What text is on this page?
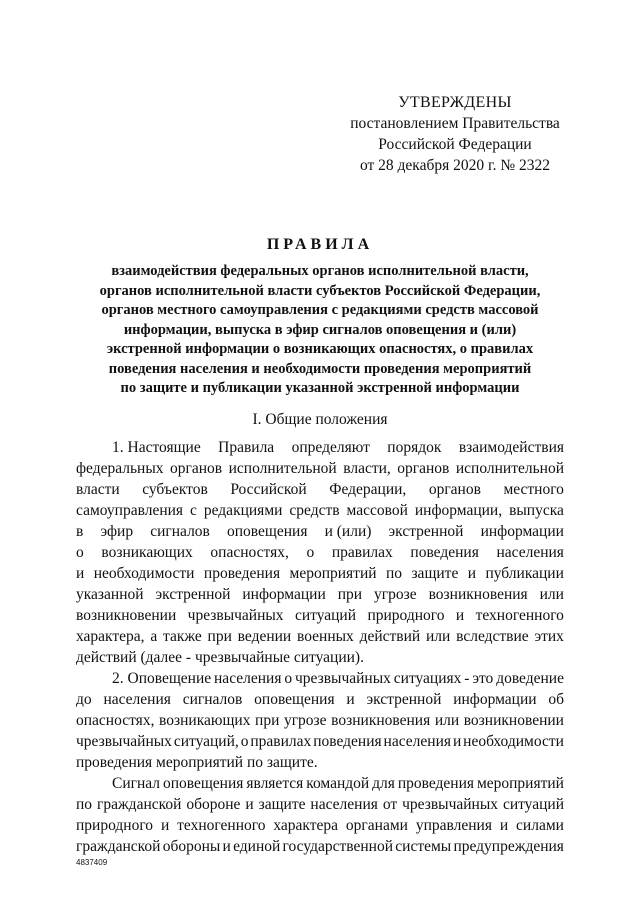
УТВЕРЖДЕНЫ
постановлением Правительства
Российской Федерации
от 28 декабря 2020 г. № 2322
ПРАВИЛА
взаимодействия федеральных органов исполнительной власти,
органов исполнительной власти субъектов Российской Федерации,
органов местного самоуправления с редакциями средств массовой
информации, выпуска в эфир сигналов оповещения и (или)
экстренной информации о возникающих опасностях, о правилах
поведения населения и необходимости проведения мероприятий
по защите и публикации указанной экстренной информации
I. Общие положения
1. Настоящие Правила определяют порядок взаимодействия
федеральных органов исполнительной власти, органов исполнительной
власти субъектов Российской Федерации, органов местного
самоуправления с редакциями средств массовой информации, выпуска
в эфир сигналов оповещения и (или) экстренной информации
о возникающих опасностях, о правилах поведения населения
и необходимости проведения мероприятий по защите и публикации
указанной экстренной информации при угрозе возникновения или
возникновении чрезвычайных ситуаций природного и техногенного
характера, а также при ведении военных действий или вследствие этих
действий (далее - чрезвычайные ситуации).
2. Оповещение населения о чрезвычайных ситуациях - это доведение
до населения сигналов оповещения и экстренной информации об
опасностях, возникающих при угрозе возникновения или возникновении
чрезвычайных ситуаций, о правилах поведения населения и необходимости
проведения мероприятий по защите.
Сигнал оповещения является командой для проведения мероприятий
по гражданской обороне и защите населения от чрезвычайных ситуаций
природного и техногенного характера органами управления и силами
гражданской обороны и единой государственной системы предупреждения
4837409
